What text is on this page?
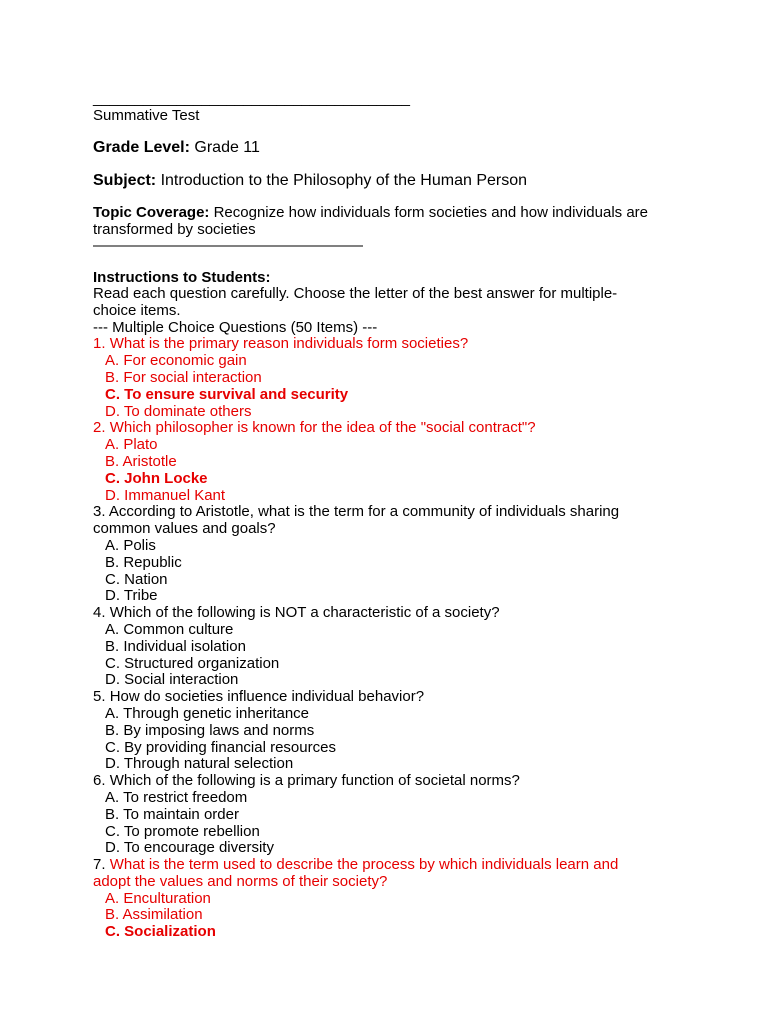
______________________________________
Summative Test
Grade Level: Grade 11
Subject: Introduction to the Philosophy of the Human Person
Topic Coverage: Recognize how individuals form societies and how individuals are transformed by societies
——————————————————
Instructions to Students:
Read each question carefully. Choose the letter of the best answer for multiple-choice items.
--- Multiple Choice Questions (50 Items) ---
1. What is the primary reason individuals form societies?
A. For economic gain
B. For social interaction
C. To ensure survival and security
D. To dominate others
2. Which philosopher is known for the idea of the "social contract"?
A. Plato
B. Aristotle
C. John Locke
D. Immanuel Kant
3. According to Aristotle, what is the term for a community of individuals sharing common values and goals?
A. Polis
B. Republic
C. Nation
D. Tribe
4. Which of the following is NOT a characteristic of a society?
A. Common culture
B. Individual isolation
C. Structured organization
D. Social interaction
5. How do societies influence individual behavior?
A. Through genetic inheritance
B. By imposing laws and norms
C. By providing financial resources
D. Through natural selection
6. Which of the following is a primary function of societal norms?
A. To restrict freedom
B. To maintain order
C. To promote rebellion
D. To encourage diversity
7. What is the term used to describe the process by which individuals learn and adopt the values and norms of their society?
A. Enculturation
B. Assimilation
C. Socialization
